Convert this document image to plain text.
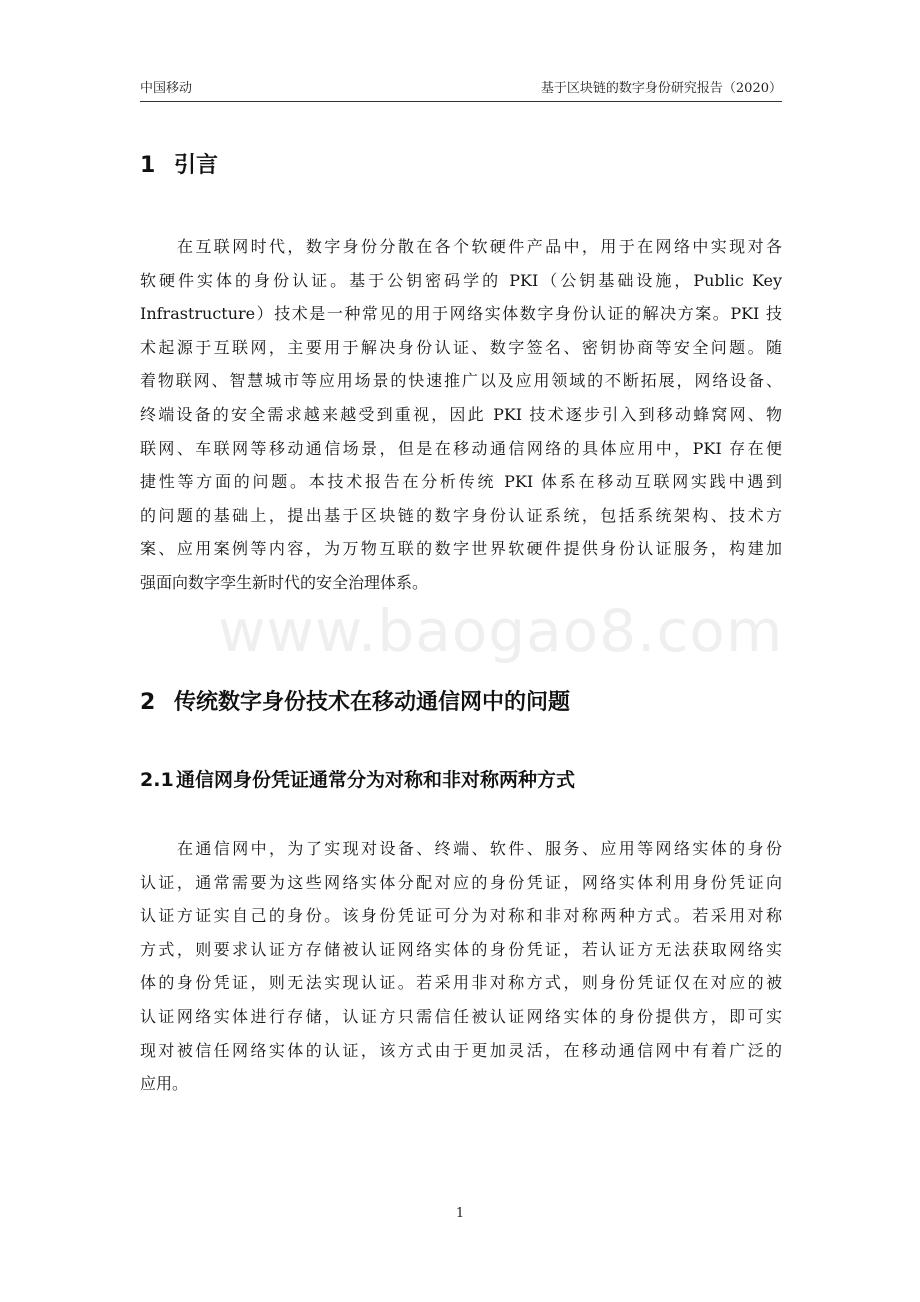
中国移动	基于区块链的数字身份研究报告（2020）
1 引言
在互联网时代，数字身份分散在各个软硬件产品中，用于在网络中实现对各
软硬件实体的身份认证。基于公钥密码学的 PKI（公钥基础设施，Public Key
Infrastructure）技术是一种常见的用于网络实体数字身份认证的解决方案。PKI 技
术起源于互联网，主要用于解决身份认证、数字签名、密钥协商等安全问题。随
着物联网、智慧城市等应用场景的快速推广以及应用领域的不断拓展，网络设备、
终端设备的安全需求越来越受到重视，因此 PKI 技术逐步引入到移动蜂窝网、物
联网、车联网等移动通信场景，但是在移动通信网络的具体应用中，PKI 存在便
捷性等方面的问题。本技术报告在分析传统 PKI 体系在移动互联网实践中遇到
的问题的基础上，提出基于区块链的数字身份认证系统，包括系统架构、技术方
案、应用案例等内容，为万物互联的数字世界软硬件提供身份认证服务，构建加
强面向数字孪生新时代的安全治理体系。
www.baogao8.com
2 传统数字身份技术在移动通信网中的问题
2.1 通信网身份凭证通常分为对称和非对称两种方式
在通信网中，为了实现对设备、终端、软件、服务、应用等网络实体的身份
认证，通常需要为这些网络实体分配对应的身份凭证，网络实体利用身份凭证向
认证方证实自己的身份。该身份凭证可分为对称和非对称两种方式。若采用对称
方式，则要求认证方存储被认证网络实体的身份凭证，若认证方无法获取网络实
体的身份凭证，则无法实现认证。若采用非对称方式，则身份凭证仅在对应的被
认证网络实体进行存储，认证方只需信任被认证网络实体的身份提供方，即可实
现对被信任网络实体的认证，该方式由于更加灵活，在移动通信网中有着广泛的
应用。
1
